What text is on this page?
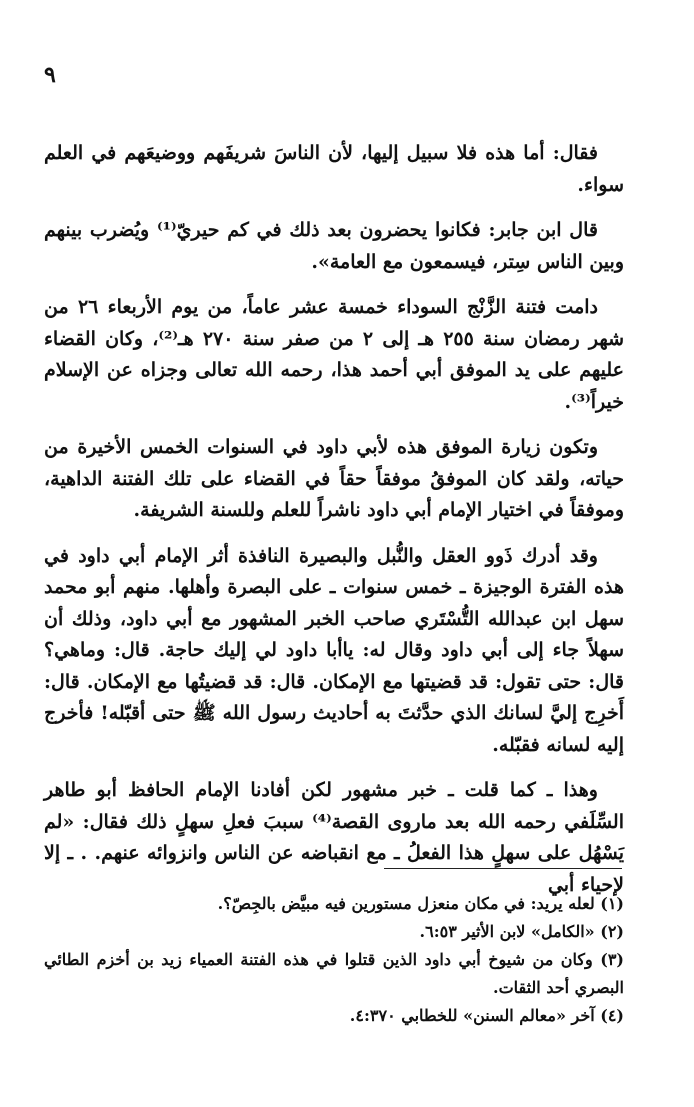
٩

فقال: أما هذه فلا سبيل إليها، لأن الناسَ شريفَهم ووضيعَهم في العلم سواء.

قال ابن جابر: فكانوا يحضرون بعد ذلك في كم حيريّ⁽¹⁾ ويُضرب بينهم وبين الناس سِتر، فيسمعون مع العامة».

دامت فتنة الزَّنْج السوداء خمسة عشر عاماً، من يوم الأربعاء ٢٦ من شهر رمضان سنة ٢٥٥ هـ إلى ٢ من صفر سنة ٢٧٠ هـ⁽²⁾، وكان القضاء عليهم على يد الموفق أبي أحمد هذا، رحمه الله تعالى وجزاه عن الإسلام خيراً⁽³⁾.

وتكون زيارة الموفق هذه لأبي داود في السنوات الخمس الأخيرة من حياته، ولقد كان الموفقُ موفقاً حقاً في القضاء على تلك الفتنة الداهية، وموفقاً في اختيار الإمام أبي داود ناشراً للعلم وللسنة الشريفة.

وقد أدرك ذَوو العقل والنُّبل والبصيرة النافذة أثر الإمام أبي داود في هذه الفترة الوجيزة ـ خمس سنوات ـ على البصرة وأهلها. منهم أبو محمد سهل ابن عبدالله التُّسْتَري صاحب الخبر المشهور مع أبي داود، وذلك أن سهلاً جاء إلى أبي داود وقال له: ياأبا داود لي إليك حاجة. قال: وماهي؟ قال: حتى تقول: قد قضيتها مع الإمكان. قال: قد قضيتُها مع الإمكان. قال: أَخرِج إليَّ لسانك الذي حدَّثتَ به أحاديث رسول الله ﷺ حتى أقبّله! فأخرج إليه لسانه فقبّله.

وهذا ـ كما قلت ـ خبر مشهور لكن أفادنا الإمام الحافظ أبو طاهر السِّلَفي رحمه الله بعد ماروى القصة⁽⁴⁾ سببَ فعلِ سهلٍ ذلك فقال: «لم يَسْهُل على سهلٍ هذا الفعلُ ـ مع انقباضه عن الناس وانزوائه عنهم. . ـ إلا لإحياء أبي

(١) لعله يريد: في مكان منعزل مستورين فيه مبيَّض بالجِصّ؟.

(٢) «الكامل» لابن الأثير ٦:٥٣.

(٣) وكان من شيوخ أبي داود الذين قتلوا في هذه الفتنة العمياء زيد بن أخزم الطائي البصري أحد الثقات.

(٤) آخر «معالم السنن» للخطابي ٤:٣٧٠.
